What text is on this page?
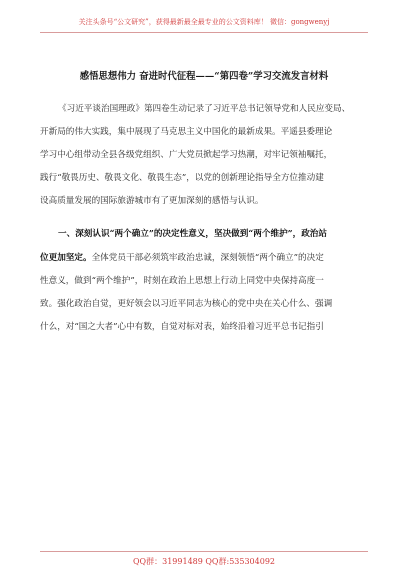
关注头条号“公文研究”，获得最新最全最专业的公文资料库！ 微信：gongwenyj
感悟思想伟力 奋进时代征程——“第四卷”学习交流发言材料
《习近平谈治国理政》第四卷生动记录了习近平总书记领导党和人民应变局、
开新局的伟大实践，集中展现了马克思主义中国化的最新成果。平遥县委理论
学习中心组带动全县各级党组织、广大党员掀起学习热潮，对牢记领袖嘱托，
践行“敬畏历史、敬畏文化、敬畏生态”，以党的创新理论指导全方位推动建
设高质量发展的国际旅游城市有了更加深刻的感悟与认识。
一、深刻认识“两个确立”的决定性意义，坚决做到“两个维护”，政治站
位更加坚定。全体党员干部必须筑牢政治忠诚，深刻领悟“两个确立”的决定
性意义，做到“两个维护”，时刻在政治上思想上行动上同党中央保持高度一
致。强化政治自觉，更好领会以习近平同志为核心的党中央在关心什么、强调
什么，对“国之大者”心中有数，自觉对标对表，始终沿着习近平总书记指引
QQ群：31991489 QQ群:535304092
